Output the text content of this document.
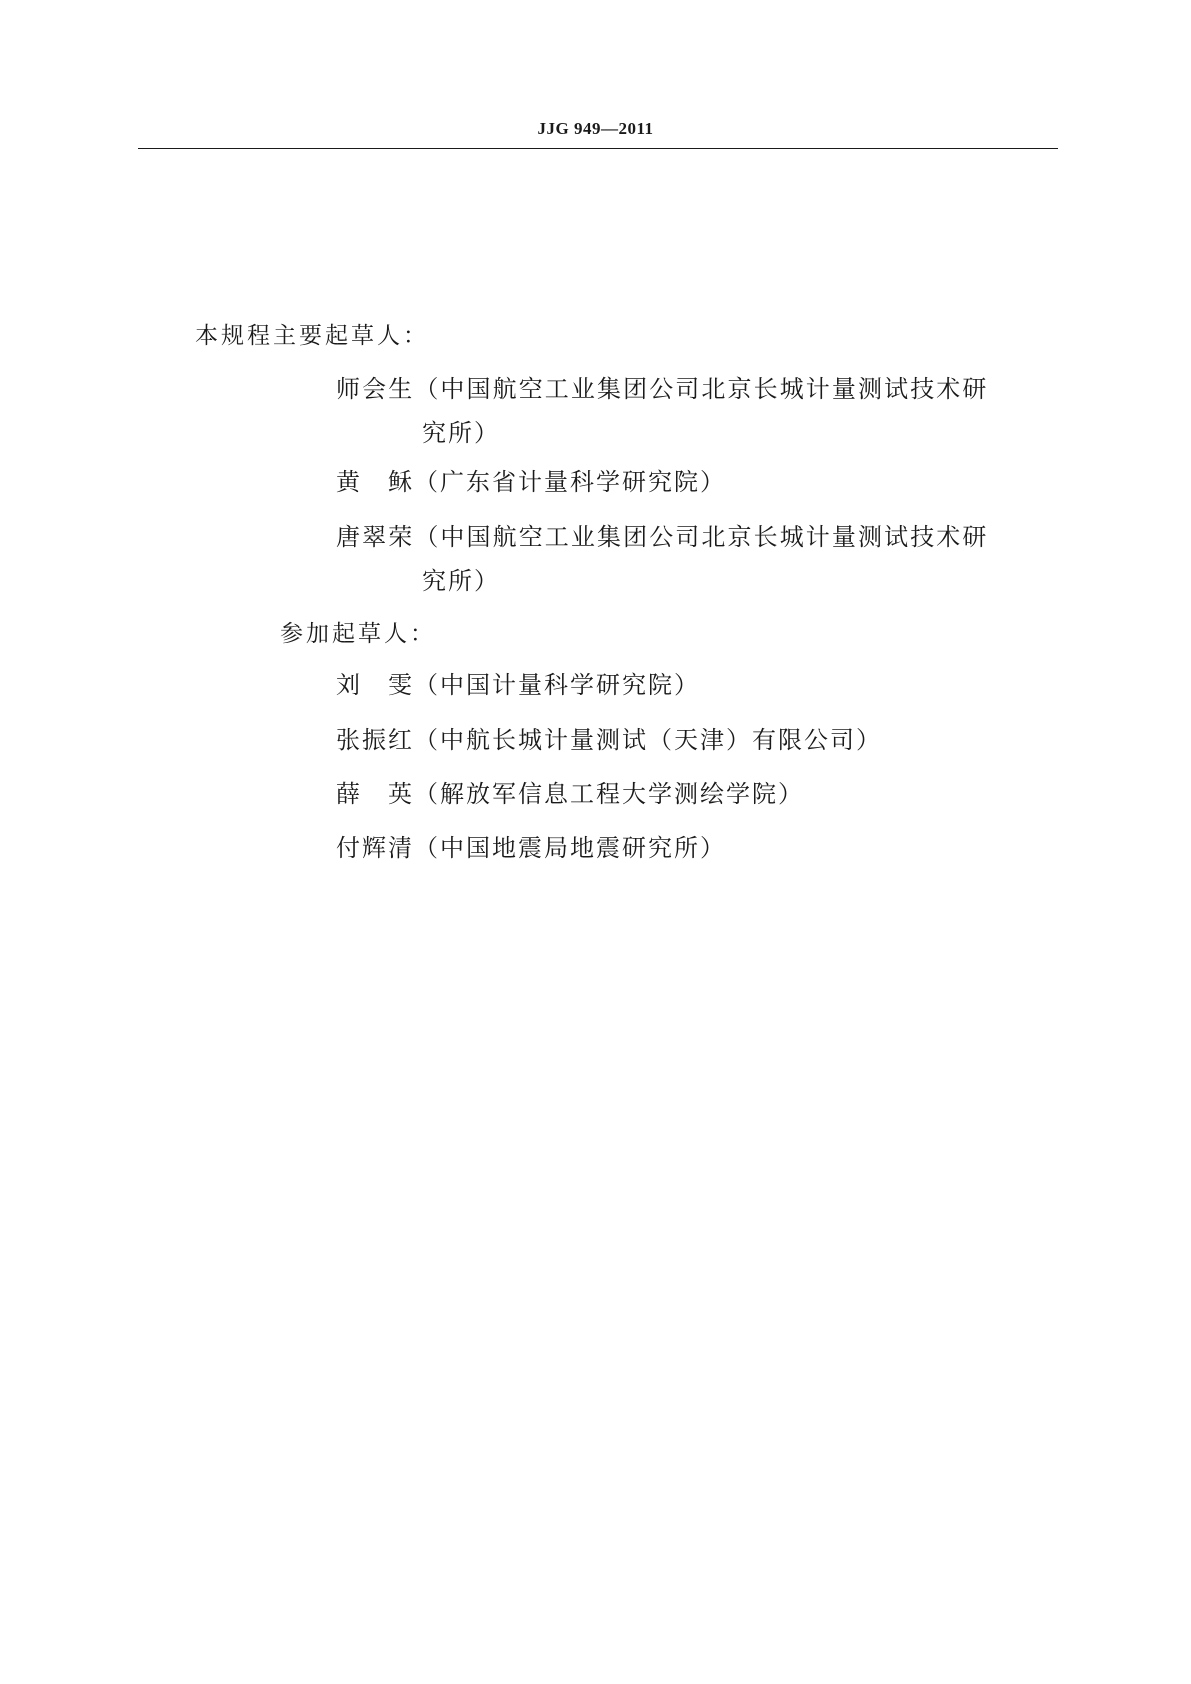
JJG 949—2011
本规程主要起草人：
师会生（中国航空工业集团公司北京长城计量测试技术研
究所）
黄　稣（广东省计量科学研究院）
唐翠荣（中国航空工业集团公司北京长城计量测试技术研
究所）
参加起草人：
刘　雯（中国计量科学研究院）
张振红（中航长城计量测试（天津）有限公司）
薛　英（解放军信息工程大学测绘学院）
付辉清（中国地震局地震研究所）
